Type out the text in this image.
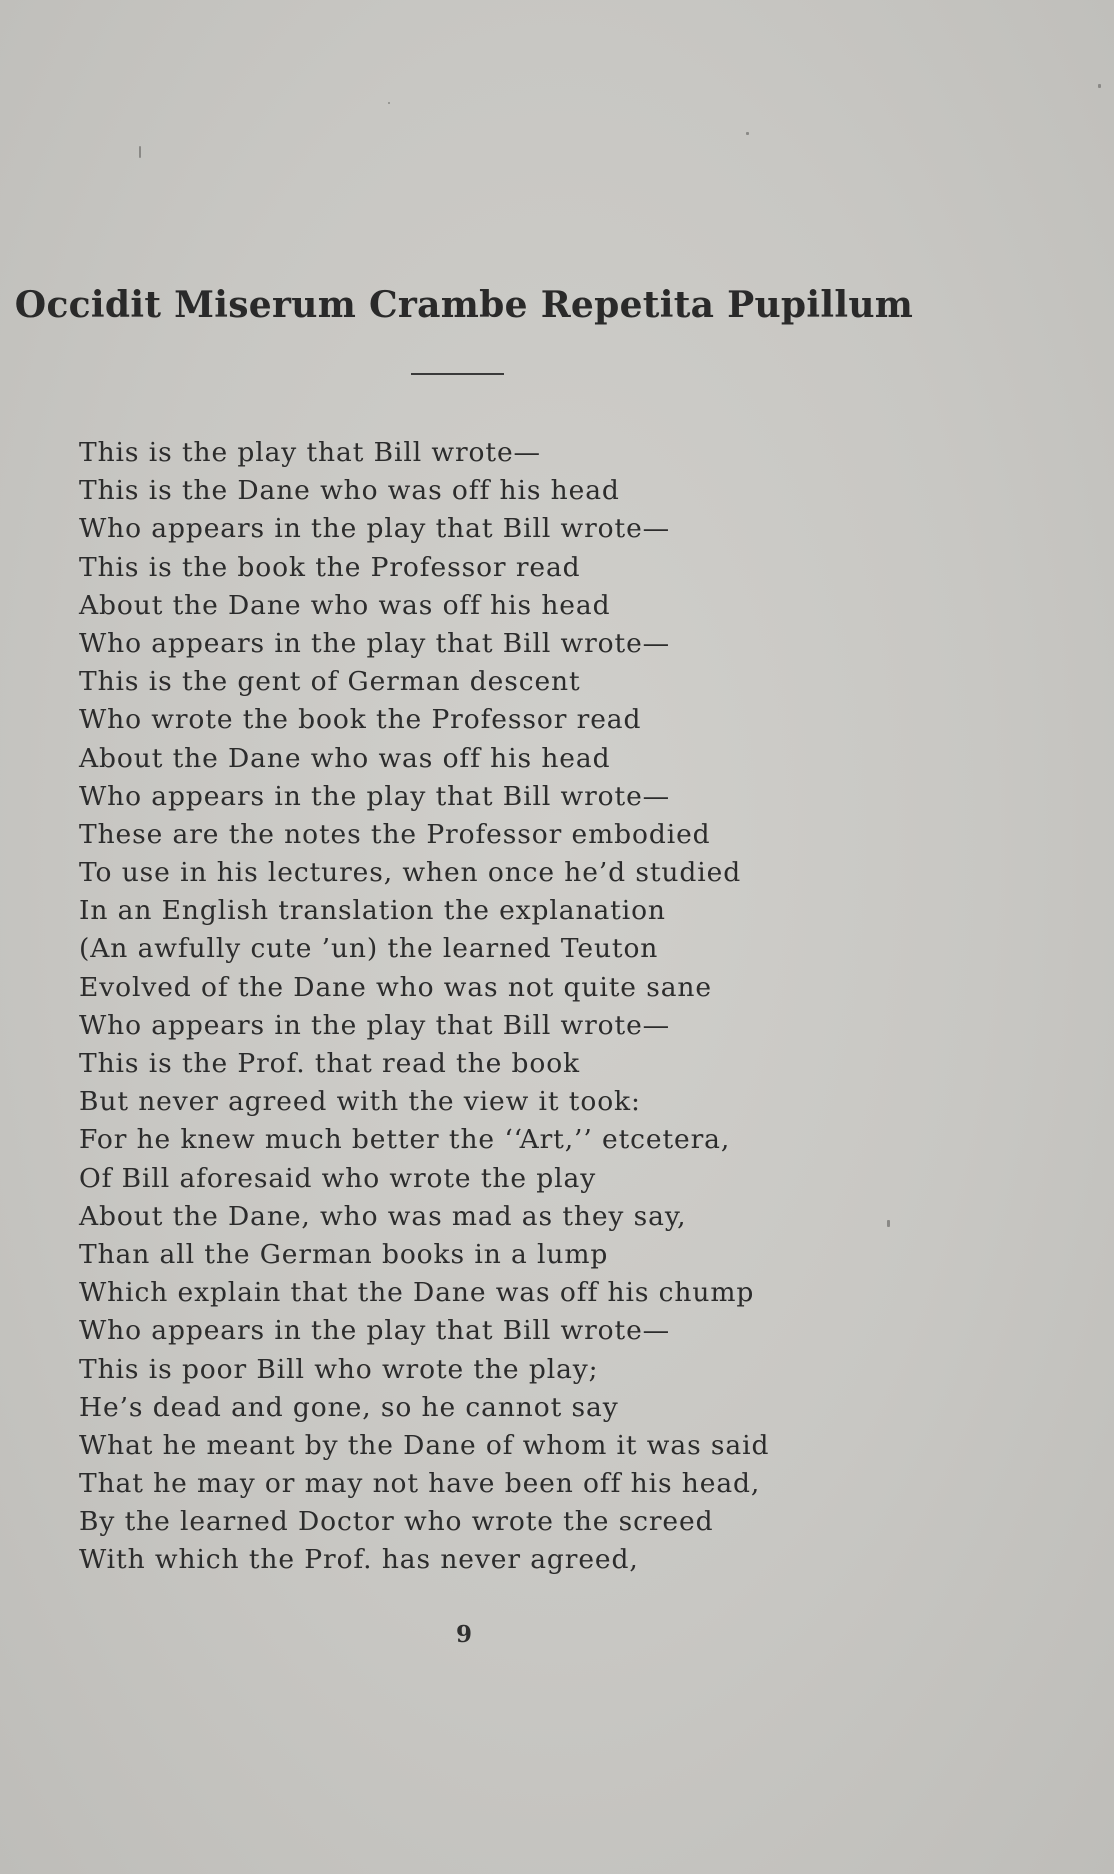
Occidit Miserum Crambe Repetita Pupillum
This is the play that Bill wrote—
This is the Dane who was off his head
Who appears in the play that Bill wrote—
This is the book the Professor read
About the Dane who was off his head
Who appears in the play that Bill wrote—
This is the gent of German descent
Who wrote the book the Professor read
About the Dane who was off his head
Who appears in the play that Bill wrote—
These are the notes the Professor embodied
To use in his lectures, when once he’d studied
In an English translation the explanation
(An awfully cute ’un) the learned Teuton
Evolved of the Dane who was not quite sane
Who appears in the play that Bill wrote—
This is the Prof. that read the book
But never agreed with the view it took:
For he knew much better the ‘‘Art,’’ etcetera,
Of Bill aforesaid who wrote the play
About the Dane, who was mad as they say,
Than all the German books in a lump
Which explain that the Dane was off his chump
Who appears in the play that Bill wrote—
This is poor Bill who wrote the play;
He’s dead and gone, so he cannot say
What he meant by the Dane of whom it was said
That he may or may not have been off his head,
By the learned Doctor who wrote the screed
With which the Prof. has never agreed,
9
